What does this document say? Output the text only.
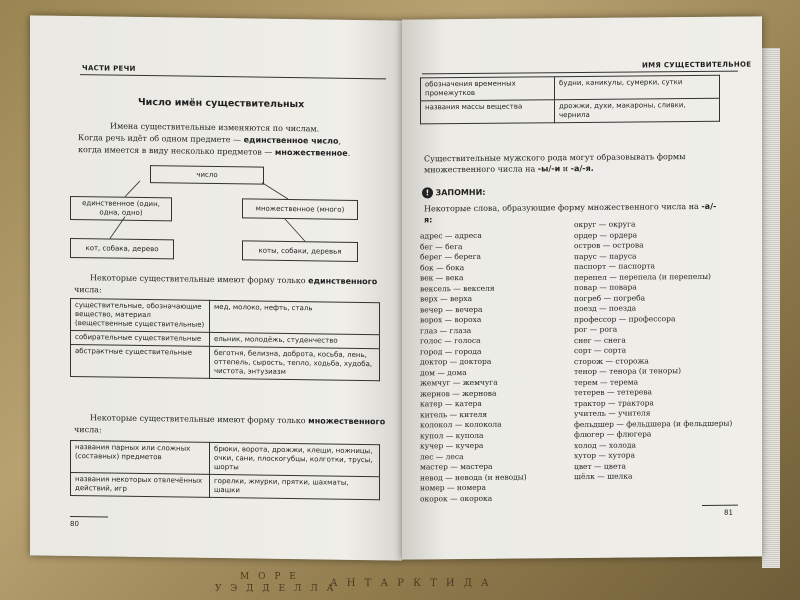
М О Р Е
У Э Д Д Е Л Л А
А Н Т А Р К Т И Д А
ЧАСТИ РЕЧИ
Число имён существительных
Имена существительные изменяются по числам.
Когда речь идёт об одном предмете — единственное число,
когда имеется в виду несколько предметов — множественное.
число
единственное (один, одна, одно)	множественное (много)
кот, собака, дерево	коты, собаки, деревья
Некоторые существительные имеют форму только единственного
числа:
существительные, обозначающие вещество, материал (вещественные существительные)	мед, молоко, нефть, сталь
собирательные существительные	ельник, молодёжь, студенчество
абстрактные существительные	беготня, белизна, доброта, косьба, лень, оттепель, сырость, тепло, ходьба, худоба, чистота, энтузиазм
Некоторые существительные имеют форму только множественного
числа:
названия парных или сложных (составных) предметов	брюки, ворота, дрожжи, клещи, ножницы, очки, сани, плоскогубцы, колготки, трусы, шорты
названия некоторых отвлечённых действий, игр	горелки, жмурки, прятки, шахматы, шашки
80
ИМЯ СУЩЕСТВИТЕЛЬНОЕ
обозначения временных промежутков	будни, каникулы, сумерки, сутки
названия массы вещества	дрожжи, духи, макароны, сливки, чернила
Существительные мужского рода могут образовывать формы множественного числа на -ы/-и и -а/-я.
! ЗАПОМНИ:
Некоторые слова, образующие форму множественного числа на -а/-я:
адрес — адреса
бег — бега
берег — берега
бок — бока
век — века
вексель — векселя
верх — верха
вечер — вечера
ворох — вороха
глаз — глаза
голос — голоса
город — города
доктор — доктора
дом — дома
жемчуг — жемчуга
жернов — жернова
катер — катера
китель — кителя
колокол — колокола
купол — купола
кучер — кучера
лес — леса
мастер — мастера
невод — невода (и неводы)
номер — номера
окорок — окорока
округ — округа
ордер — ордера
остров — острова
парус — паруса
паспорт — паспорта
перепел — перепела (и перепелы)
повар — повара
погреб — погреба
поезд — поезда
профессор — профессора
рог — рога
снег — снега
сорт — сорта
сторож — сторожа
тенор — тенора (и теноры)
терем — терема
тетерев — тетерева
трактор — трактора
учитель — учителя
фельдшер — фельдшера (и фельдшеры)
флюгер — флюгера
холод — холода
хутор — хутора
цвет — цвета
шёлк — шелка
81
